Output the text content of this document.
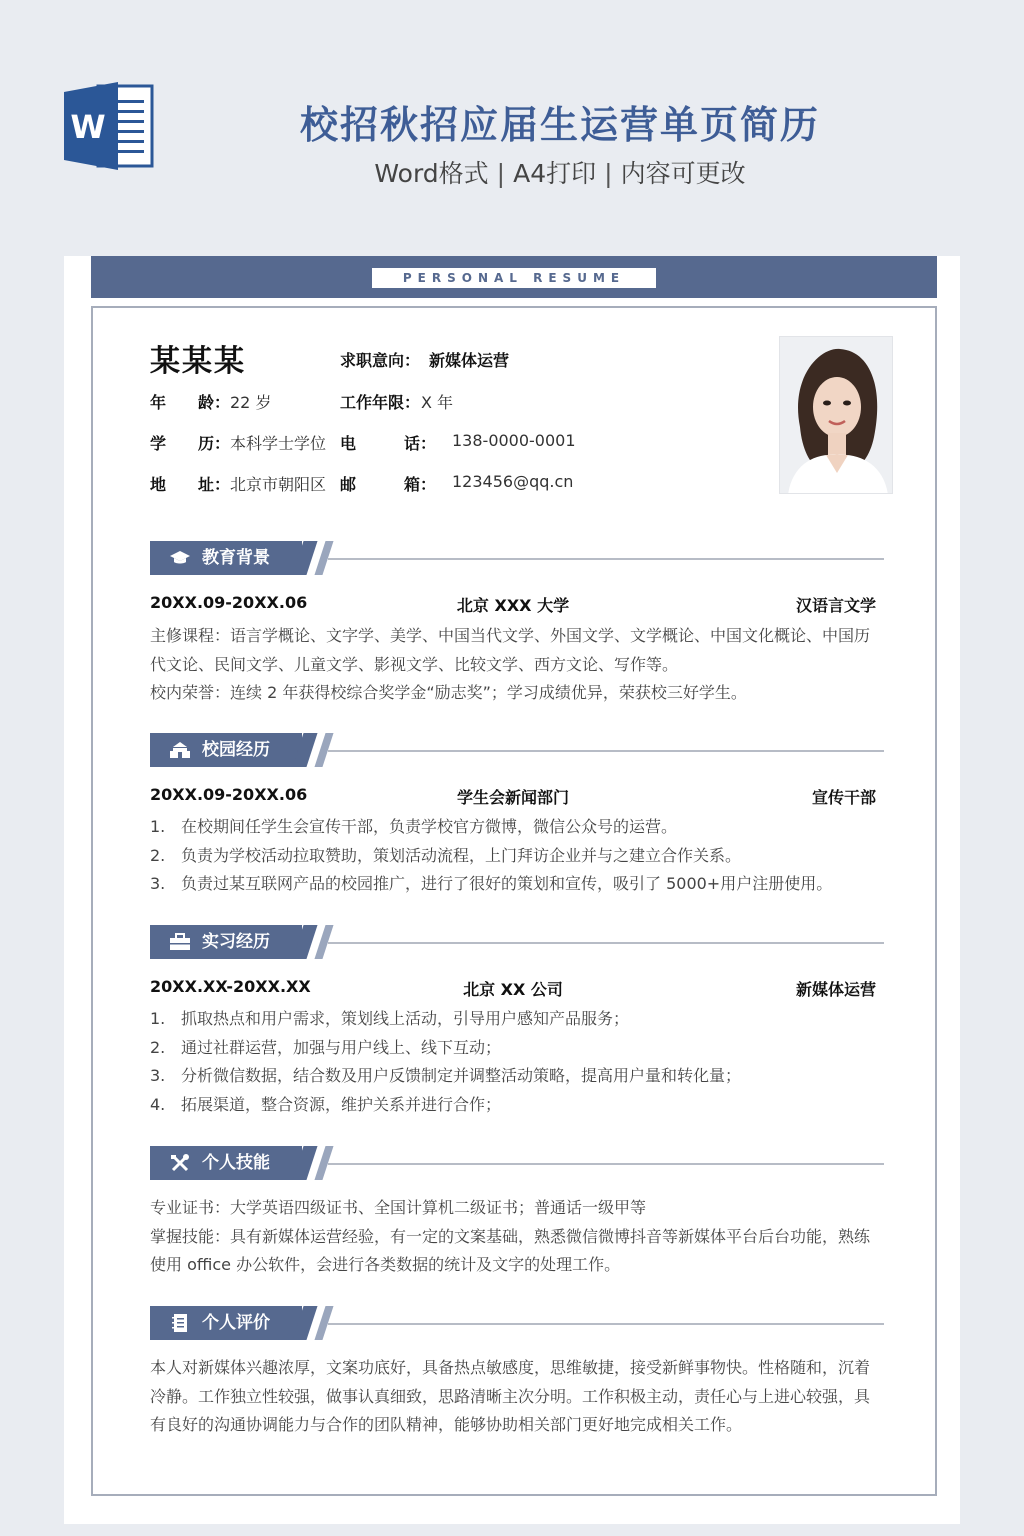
W	校招秋招应届生运营单页简历
Word格式 | A4打印 | 内容可更改
PERSONAL RESUME
某某某	求职意向： 新媒体运营
年　　龄： 22 岁	工作年限： X 年
学　　历： 本科学士学位 电　　　话： 138-0000-0001
地　　址： 北京市朝阳区 邮　　　箱： 123456@qq.cn
教育背景
20XX.09-20XX.06	北京 XXX 大学	汉语言文学

主修课程：语言学概论、文字学、美学、中国当代文学、外国文学、文学概论、中国文化概论、中国历代文论、民间文学、儿童文学、影视文学、比较文学、西方文论、写作等。

校内荣誉：连续 2 年获得校综合奖学金“励志奖”；学习成绩优异，荣获校三好学生。

校园经历
20XX.09-20XX.06	学生会新闻部门	宣传干部
1. 在校期间任学生会宣传干部，负责学校官方微博，微信公众号的运营。
2. 负责为学校活动拉取赞助，策划活动流程，上门拜访企业并与之建立合作关系。
3. 负责过某互联网产品的校园推广，进行了很好的策划和宣传，吸引了 5000+用户注册使用。
实习经历
20XX.XX-20XX.XX	北京 XX 公司	新媒体运营
1. 抓取热点和用户需求，策划线上活动，引导用户感知产品服务；
2. 通过社群运营，加强与用户线上、线下互动；
3. 分析微信数据，结合数及用户反馈制定并调整活动策略，提高用户量和转化量；
4. 拓展渠道，整合资源，维护关系并进行合作；
个人技能

专业证书：大学英语四级证书、全国计算机二级证书；普通话一级甲等

掌握技能：具有新媒体运营经验，有一定的文案基础，熟悉微信微博抖音等新媒体平台后台功能，熟练使用 office 办公软件，会进行各类数据的统计及文字的处理工作。

个人评价
本人对新媒体兴趣浓厚，文案功底好，具备热点敏感度，思维敏捷，接受新鲜事物快。性格随和，沉着冷静。工作独立性较强，做事认真细致，思路清晰主次分明。工作积极主动，责任心与上进心较强，具有良好的沟通协调能力与合作的团队精神，能够协助相关部门更好地完成相关工作。
